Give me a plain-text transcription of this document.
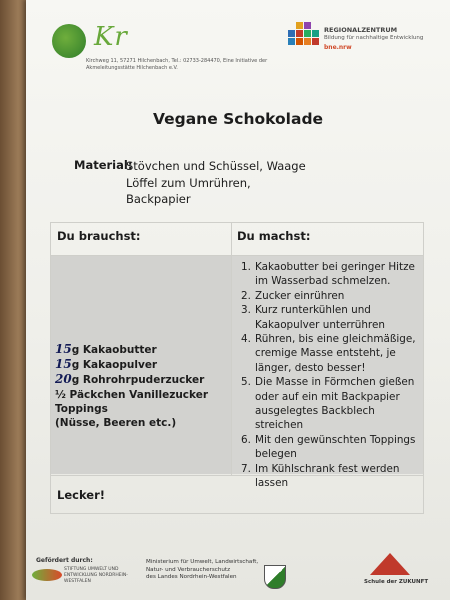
Kr
Kirchweg 11, 57271 Hilchenbach, Tel.: 02733-284470, Eine Initiative der Akmeleitungsstätte Hilchenbach e.V.
REGIONALZENTRUM
Bildung für nachhaltige Entwicklung
bne.nrw
Vegane Schokolade
Material:
Stövchen und Schüssel, Waage
Löffel zum Umrühren,
Backpapier
Du brauchst:	Du machst:
15g Kakaobutter
15g Kakaopulver
20g Rohrohrpuderzucker
½ Päckchen Vanillezucker
Toppings
(Nüsse, Beeren etc.)
1. Kakaobutter bei geringer Hitze im Wasserbad schmelzen.
2. Zucker einrühren
3. Kurz runterkühlen und Kakaopulver unterrühren
4. Rühren, bis eine gleichmäßige, cremige Masse entsteht, je länger, desto besser!
5. Die Masse in Förmchen gießen oder auf ein mit Backpapier ausgelegtes Backblech streichen
6. Mit den gewünschten Toppings belegen
7. Im Kühlschrank fest werden lassen
Lecker!
Gefördert durch:
STIFTUNG UMWELT UND ENTWICKLUNG NORDRHEIN-WESTFALEN
Ministerium für Umwelt, Landwirtschaft,
Natur- und Verbraucherschutz
des Landes Nordrhein-Westfalen
Schule der ZUKUNFT
